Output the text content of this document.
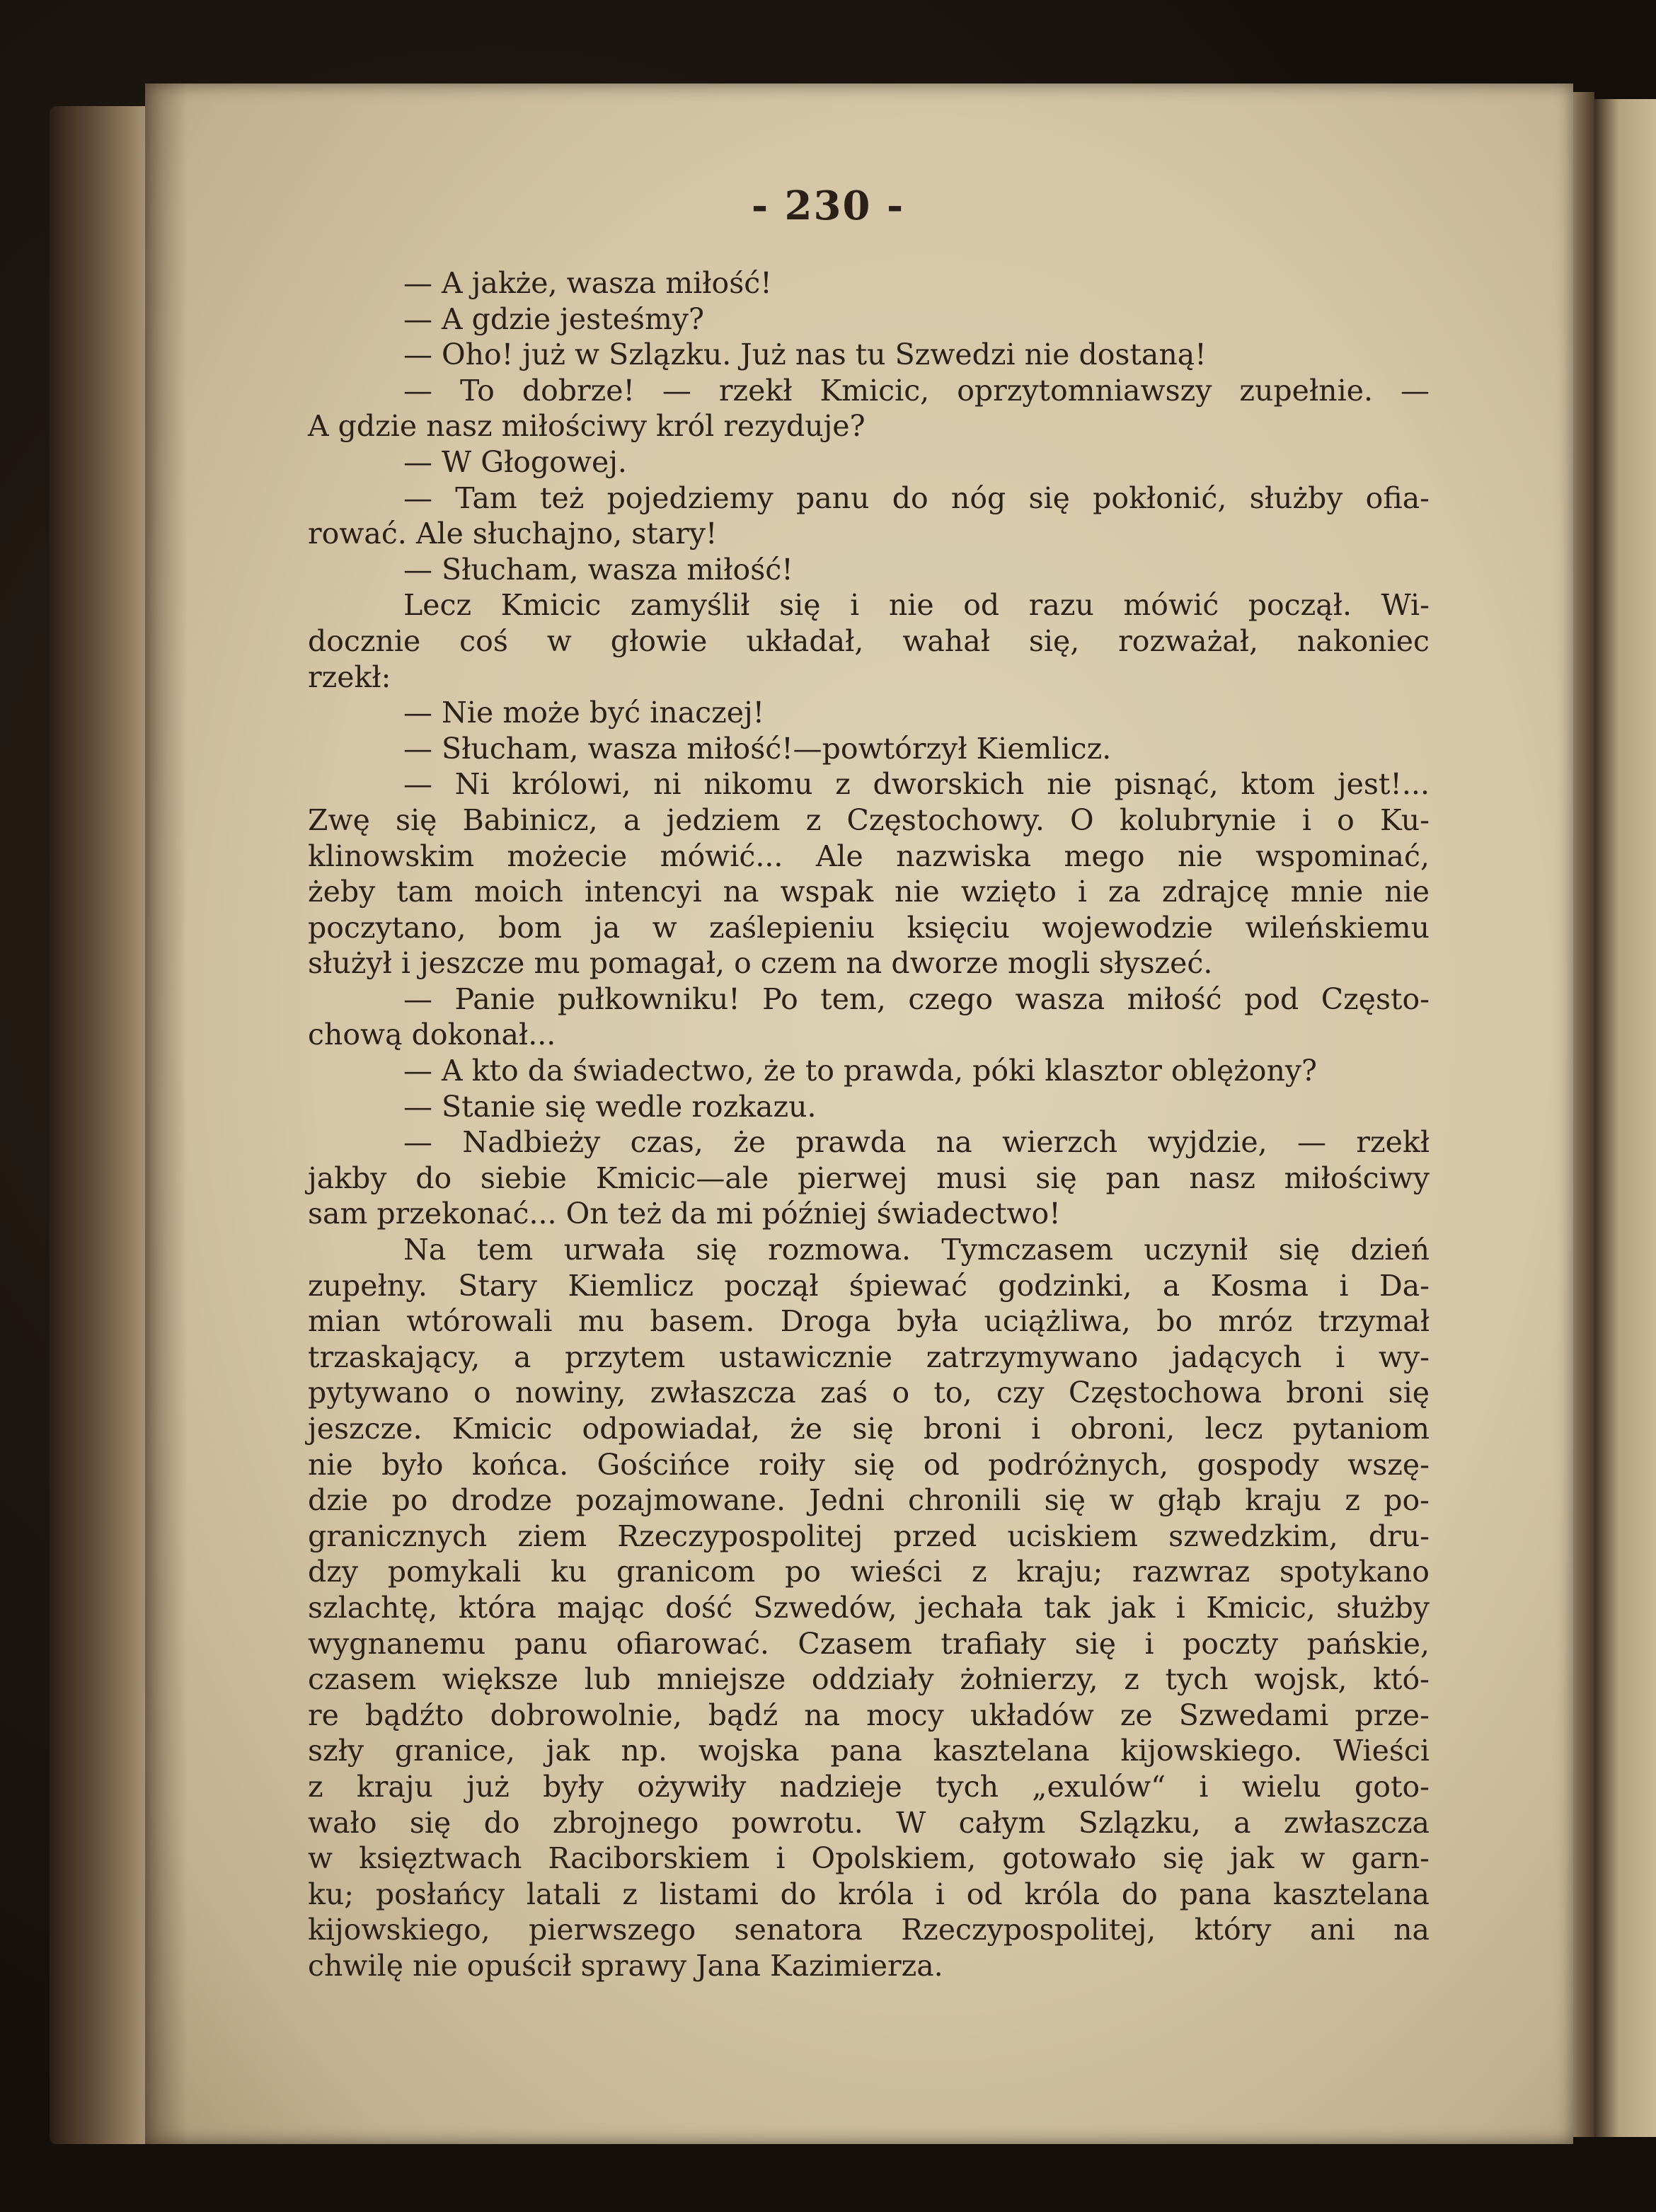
- 230 -
— A jakże, wasza miłość!
— A gdzie jesteśmy?
— Oho! już w Szlązku. Już nas tu Szwedzi nie dostaną!
— To dobrze! — rzekł Kmicic, oprzytomniawszy zupełnie. —
A gdzie nasz miłościwy król rezyduje?
— W Głogowej.
— Tam też pojedziemy panu do nóg się pokłonić, służby ofia-
rować. Ale słuchajno, stary!
— Słucham, wasza miłość!
Lecz Kmicic zamyślił się i nie od razu mówić począł. Wi-
docznie coś w głowie układał, wahał się, rozważał, nakoniec
rzekł:
— Nie może być inaczej!
— Słucham, wasza miłość!—powtórzył Kiemlicz.
— Ni królowi, ni nikomu z dworskich nie pisnąć, ktom jest!...
Zwę się Babinicz, a jedziem z Częstochowy. O kolubrynie i o Ku-
klinowskim możecie mówić... Ale nazwiska mego nie wspominać,
żeby tam moich intencyi na wspak nie wzięto i za zdrajcę mnie nie
poczytano, bom ja w zaślepieniu księciu wojewodzie wileńskiemu
służył i jeszcze mu pomagał, o czem na dworze mogli słyszeć.
— Panie pułkowniku! Po tem, czego wasza miłość pod Często-
chową dokonał...
— A kto da świadectwo, że to prawda, póki klasztor oblężony?
— Stanie się wedle rozkazu.
— Nadbieży czas, że prawda na wierzch wyjdzie, — rzekł
jakby do siebie Kmicic—ale pierwej musi się pan nasz miłościwy
sam przekonać... On też da mi później świadectwo!
Na tem urwała się rozmowa. Tymczasem uczynił się dzień
zupełny. Stary Kiemlicz począł śpiewać godzinki, a Kosma i Da-
mian wtórowali mu basem. Droga była uciążliwa, bo mróz trzymał
trzaskający, a przytem ustawicznie zatrzymywano jadących i wy-
pytywano o nowiny, zwłaszcza zaś o to, czy Częstochowa broni się
jeszcze. Kmicic odpowiadał, że się broni i obroni, lecz pytaniom
nie było końca. Gościńce roiły się od podróżnych, gospody wszę-
dzie po drodze pozajmowane. Jedni chronili się w głąb kraju z po-
granicznych ziem Rzeczypospolitej przed uciskiem szwedzkim, dru-
dzy pomykali ku granicom po wieści z kraju; razwraz spotykano
szlachtę, która mając dość Szwedów, jechała tak jak i Kmicic, służby
wygnanemu panu ofiarować. Czasem trafiały się i poczty pańskie,
czasem większe lub mniejsze oddziały żołnierzy, z tych wojsk, któ-
re bądźto dobrowolnie, bądź na mocy układów ze Szwedami prze-
szły granice, jak np. wojska pana kasztelana kijowskiego. Wieści
z kraju już były ożywiły nadzieje tych „exulów“ i wielu goto-
wało się do zbrojnego powrotu. W całym Szlązku, a zwłaszcza
w księztwach Raciborskiem i Opolskiem, gotowało się jak w garn-
ku; posłańcy latali z listami do króla i od króla do pana kasztelana
kijowskiego, pierwszego senatora Rzeczypospolitej, który ani na
chwilę nie opuścił sprawy Jana Kazimierza.
